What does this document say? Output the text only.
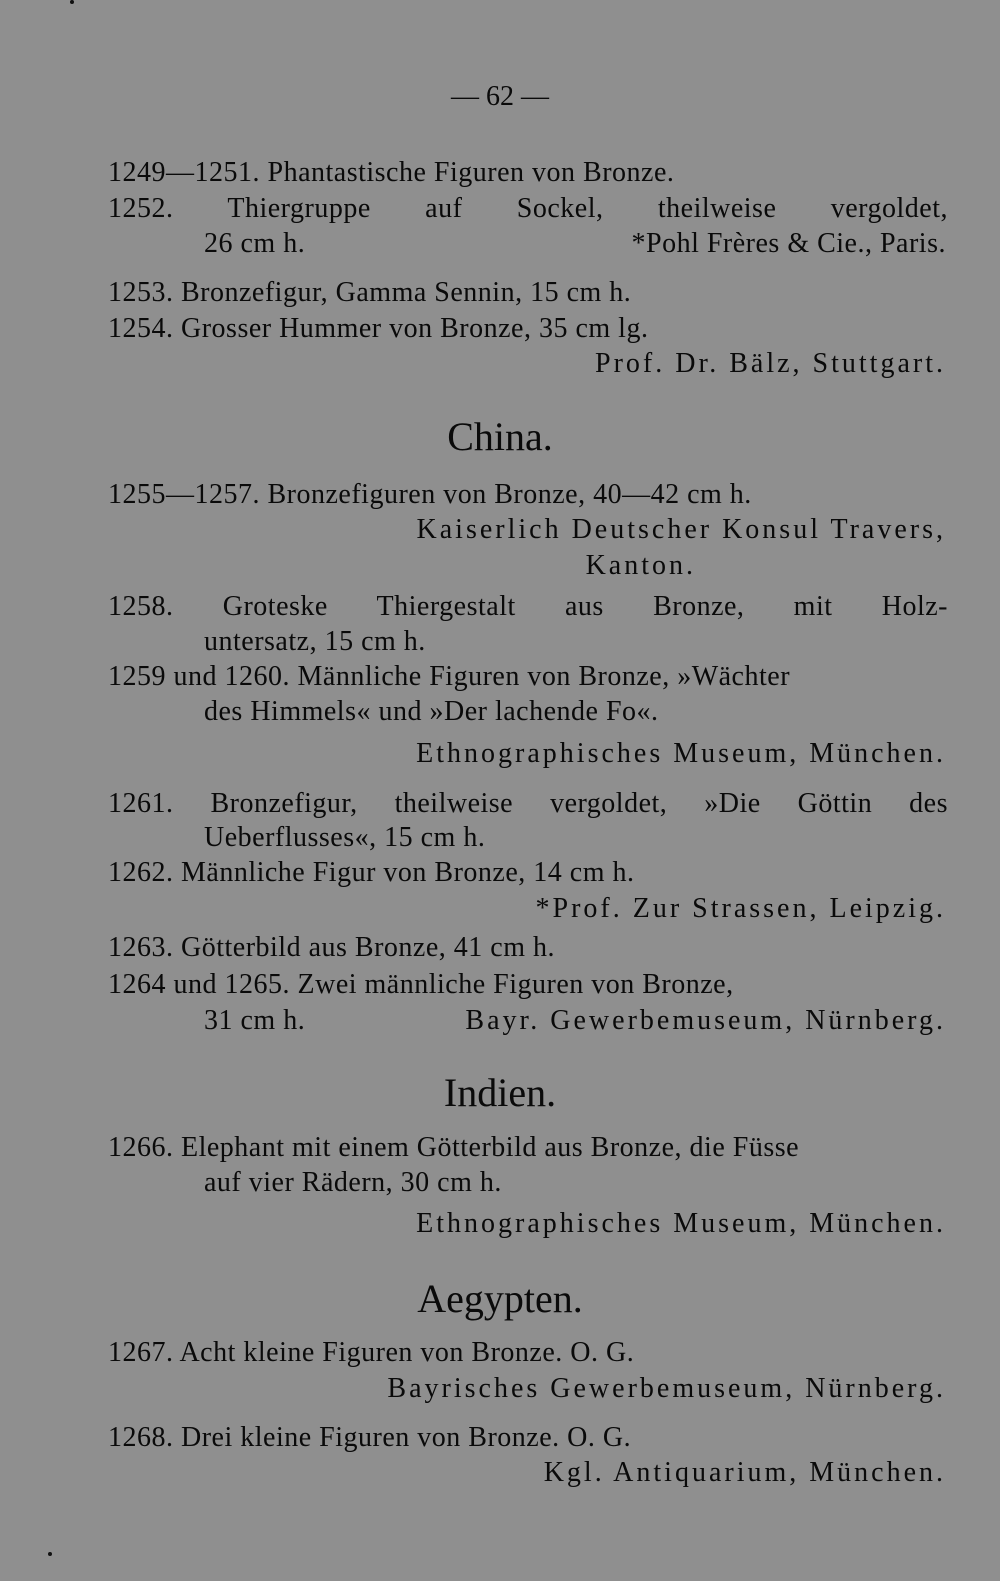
— 62 —
1249—1251. Phantastische Figuren von Bronze.
1252. Thiergruppe auf Sockel, theilweise vergoldet,
26 cm h.	*Pohl Frères & Cie., Paris.
1253. Bronzefigur, Gamma Sennin, 15 cm h.
1254. Grosser Hummer von Bronze, 35 cm lg.
Prof. Dr. Bälz, Stuttgart.
China.
1255—1257. Bronzefiguren von Bronze, 40—42 cm h.
Kaiserlich Deutscher Konsul Travers,
Kanton.
1258. Groteske Thiergestalt aus Bronze, mit Holz-
untersatz, 15 cm h.
1259 und 1260. Männliche Figuren von Bronze, »Wächter
des Himmels« und »Der lachende Fo«.
Ethnographisches Museum, München.
1261. Bronzefigur, theilweise vergoldet, »Die Göttin des
Ueberflusses«, 15 cm h.
1262. Männliche Figur von Bronze, 14 cm h.
*Prof. Zur Strassen, Leipzig.
1263. Götterbild aus Bronze, 41 cm h.
1264 und 1265. Zwei männliche Figuren von Bronze,
31 cm h.	Bayr. Gewerbemuseum, Nürnberg.
Indien.
1266. Elephant mit einem Götterbild aus Bronze, die Füsse
auf vier Rädern, 30 cm h.
Ethnographisches Museum, München.
Aegypten.
1267. Acht kleine Figuren von Bronze. O. G.
Bayrisches Gewerbemuseum, Nürnberg.
1268. Drei kleine Figuren von Bronze. O. G.
Kgl. Antiquarium, München.
